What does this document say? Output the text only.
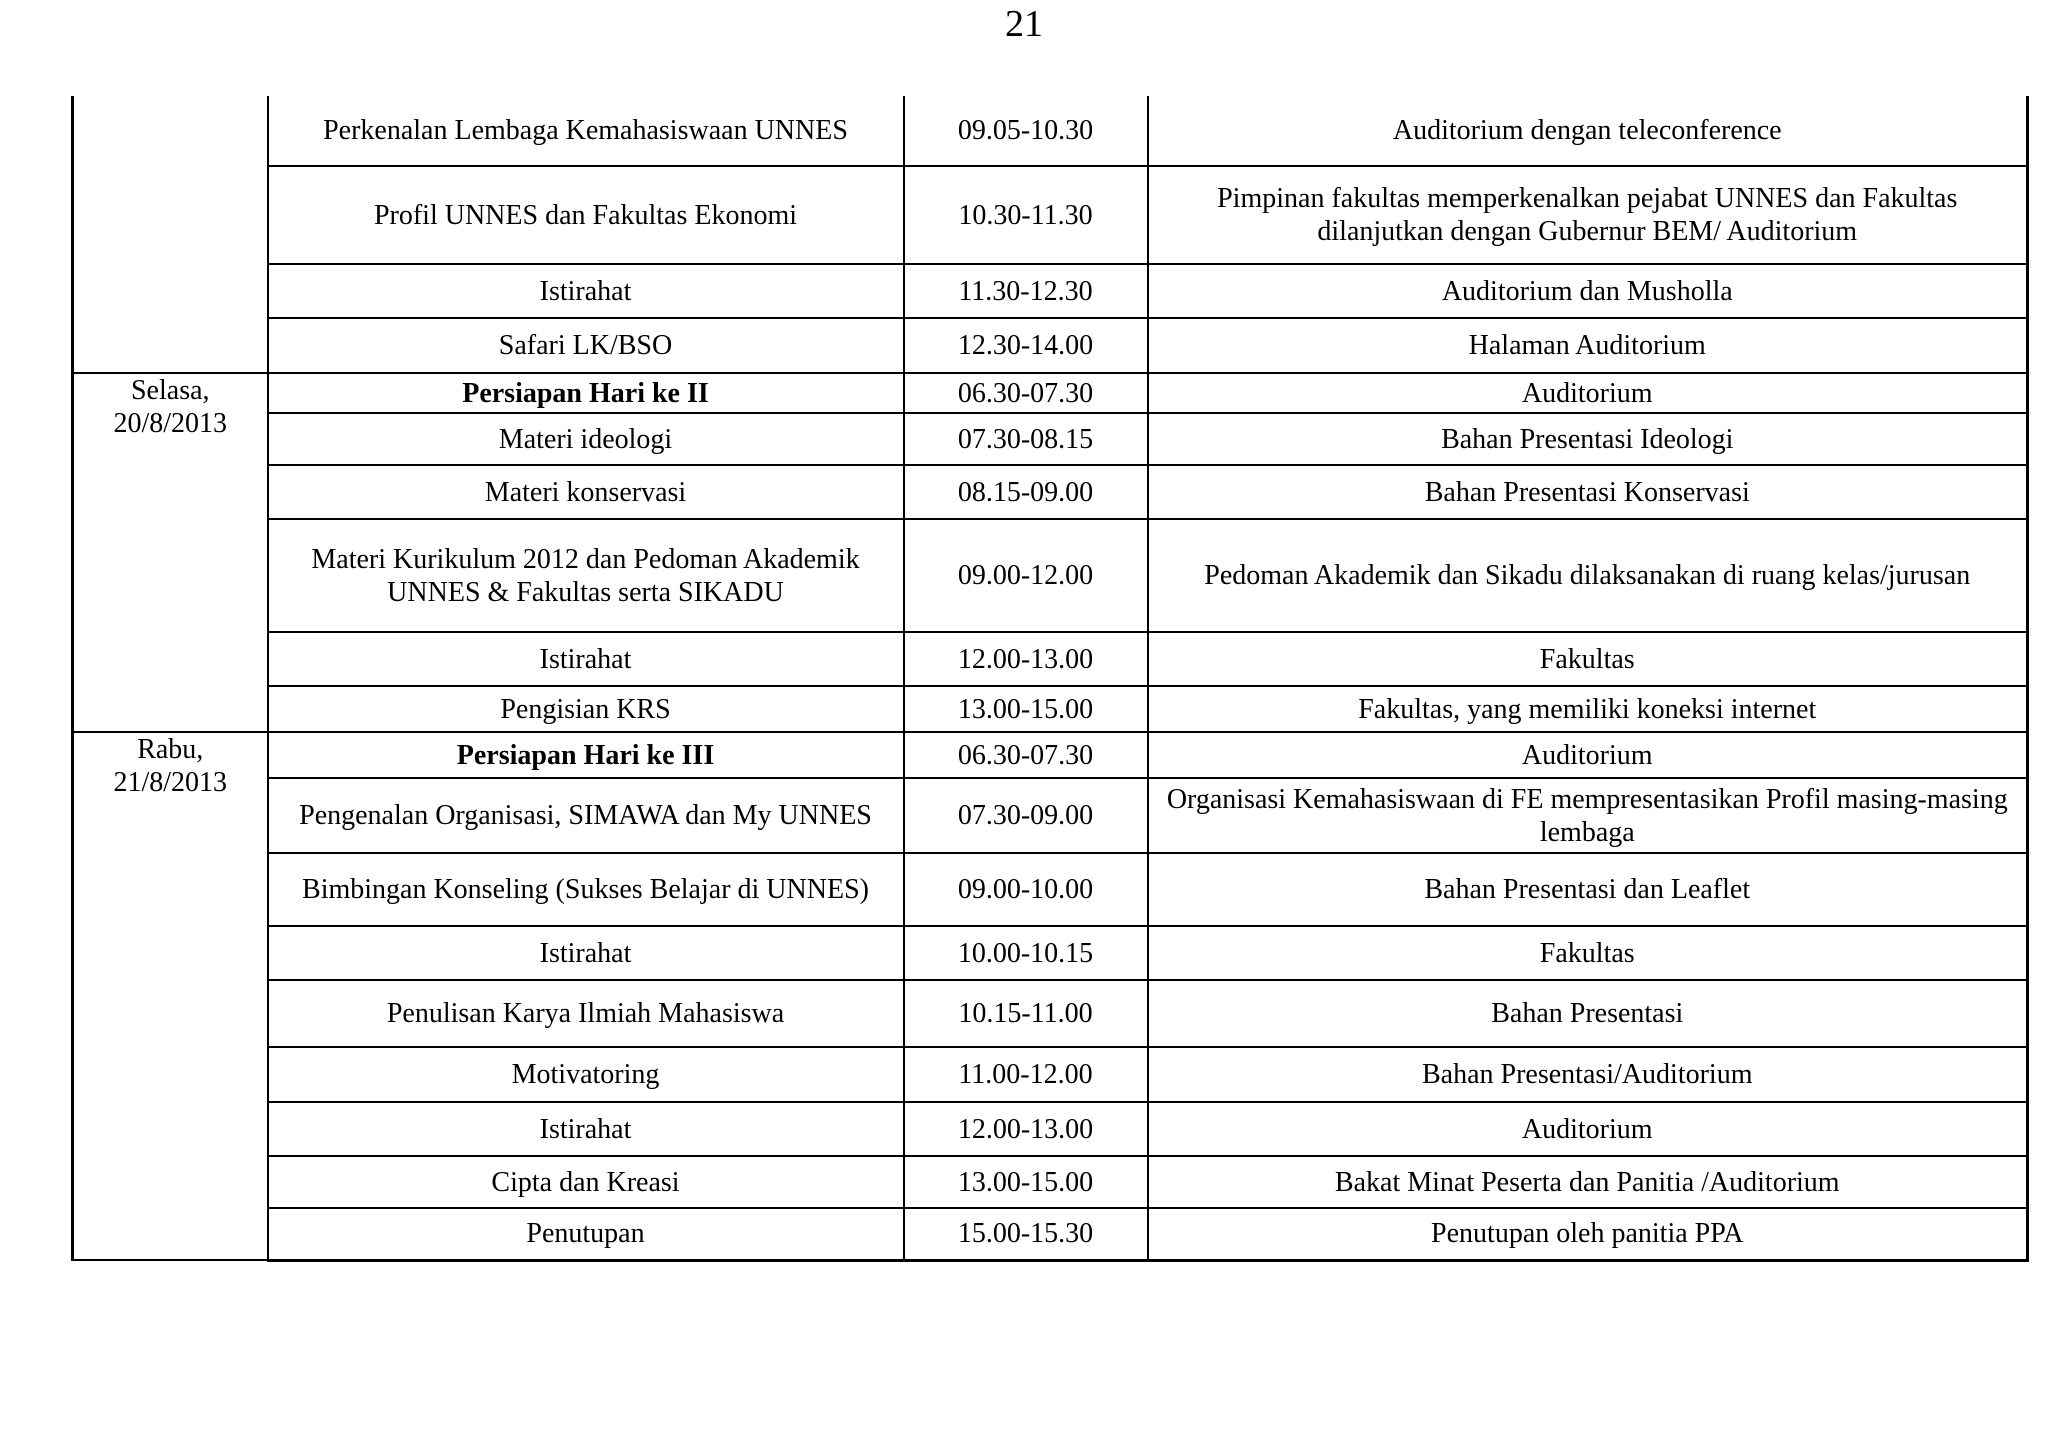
21
	Perkenalan Lembaga Kemahasiswaan UNNES	09.05-10.30	Auditorium dengan teleconference
	Profil UNNES dan Fakultas Ekonomi	10.30-11.30	Pimpinan fakultas memperkenalkan pejabat UNNES dan Fakultas dilanjutkan dengan Gubernur BEM/ Auditorium
	Istirahat	11.30-12.30	Auditorium dan Musholla
	Safari LK/BSO	12.30-14.00	Halaman Auditorium

Selasa,
20/8/2013	Persiapan Hari ke II	06.30-07.30	Auditorium
	Materi ideologi	07.30-08.15	Bahan Presentasi Ideologi
	Materi konservasi	08.15-09.00	Bahan Presentasi Konservasi
	Materi Kurikulum 2012 dan Pedoman Akademik UNNES & Fakultas serta SIKADU	09.00-12.00	Pedoman Akademik dan Sikadu dilaksanakan di ruang kelas/jurusan
	Istirahat	12.00-13.00	Fakultas
	Pengisian KRS	13.00-15.00	Fakultas, yang memiliki koneksi internet

Rabu,
21/8/2013	Persiapan Hari ke III	06.30-07.30	Auditorium
	Pengenalan Organisasi, SIMAWA dan My UNNES	07.30-09.00	Organisasi Kemahasiswaan di FE mempresentasikan Profil masing-masing lembaga
	Bimbingan Konseling (Sukses Belajar di UNNES)	09.00-10.00	Bahan Presentasi dan Leaflet
	Istirahat	10.00-10.15	Fakultas
	Penulisan Karya Ilmiah Mahasiswa	10.15-11.00	Bahan Presentasi
	Motivatoring	11.00-12.00	Bahan Presentasi/Auditorium
	Istirahat	12.00-13.00	Auditorium
	Cipta dan Kreasi	13.00-15.00	Bakat Minat Peserta dan Panitia /Auditorium
	Penutupan	15.00-15.30	Penutupan oleh panitia PPA
